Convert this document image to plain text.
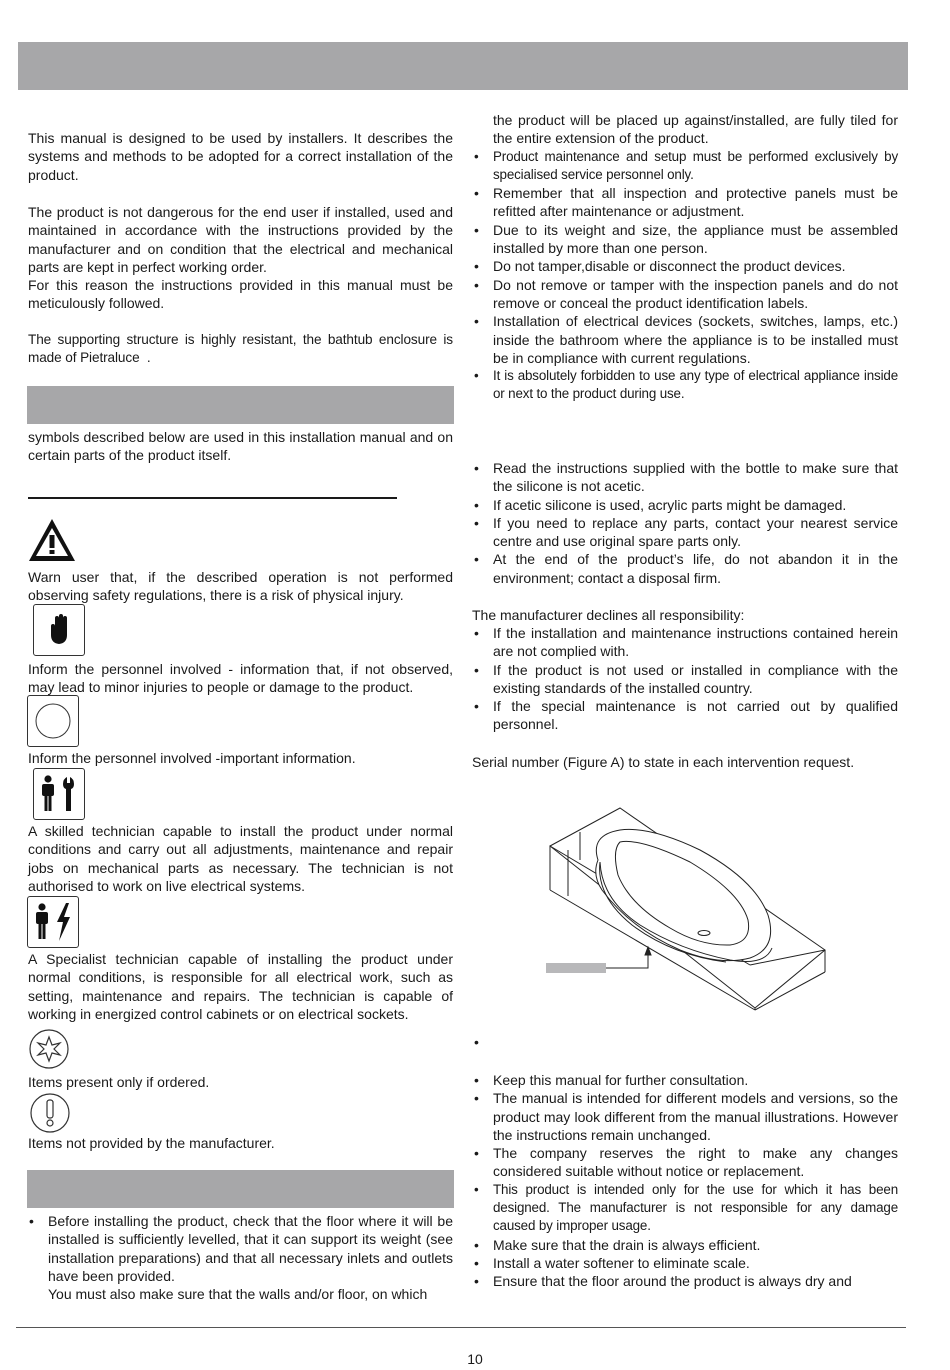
This manual is designed to be used by installers. It describes the systems and methods to be adopted for a correct installation of the product.

The product is not dangerous for the end user if installed, used and maintained in accordance with the instructions provided by the manufacturer and on condition that the electrical and mechanical parts are kept in perfect working order.

For this reason the instructions provided in this manual must be meticulously followed.

The supporting structure is highly resistant, the bathtub enclosure is made of Pietraluce  .

symbols described below are used in this installation manual and on certain parts of the product itself.

Warn user that, if the described operation is not performed observing safety regulations, there is a risk of physical injury.

Inform the personnel involved - information that, if not observed, may lead to minor injuries to people or damage to the product.

Inform the personnel involved -important information.

A skilled technician capable to install the product under normal conditions and carry out all adjustments, maintenance and repair jobs on mechanical parts as necessary. The technician is not authorised to work on live electrical systems.

A Specialist technician capable of installing the product under normal conditions, is responsible for all electrical work, such as setting, maintenance and repairs. The technician is capable of working in energized control cabinets or on electrical sockets.

Items present only if ordered.

Items not provided by the manufacturer.

• Before installing the product, check that the floor where it will be installed is sufficiently levelled, that it can support its weight (see installation preparations) and that all necessary inlets and outlets have been provided.
You must also make sure that the walls and/or floor, on which
the product will be placed up against/installed, are fully tiled for the entire extension of the product.
• Product maintenance and setup must be performed exclusively by specialised service personnel only.
• Remember that all inspection and protective panels must be refitted after maintenance or adjustment.
• Due to its weight and size, the appliance must be assembled installed by more than one person.
• Do not tamper,disable or disconnect the product devices.
• Do not remove or tamper with the inspection panels and do not remove or conceal the product identification labels.
• Installation of electrical devices (sockets, switches, lamps, etc.) inside the bathroom where the appliance is to be installed must be in compliance with current regulations.
• It is absolutely forbidden to use any type of electrical appliance inside or next to the product during use.
• Read the instructions supplied with the bottle to make sure that the silicone is not acetic.
• If acetic silicone is used, acrylic parts might be damaged.
• If you need to replace any parts, contact your nearest service centre and use original spare parts only.
• At the end of the product’s life, do not abandon it in the environment; contact a disposal firm.

The manufacturer declines all responsibility:

• If the installation and maintenance instructions contained herein are not complied with.
• If the product is not used or installed in compliance with the existing standards of the installed country.
• If the special maintenance is not carried out by qualified personnel.

Serial number (Figure A) to state in each intervention request.

•
• Keep this manual for further consultation.
• The manual is intended for different models and versions, so the product may look different from the manual illustrations. However the instructions remain unchanged.
• The company reserves the right to make any changes considered suitable without notice or replacement.
• This product is intended only for the use for which it has been designed. The manufacturer is not responsible for any damage caused by improper usage.
• Make sure that the drain is always efficient.
• Install a water softener to eliminate scale.
• Ensure that the floor around the product is always dry and
10
